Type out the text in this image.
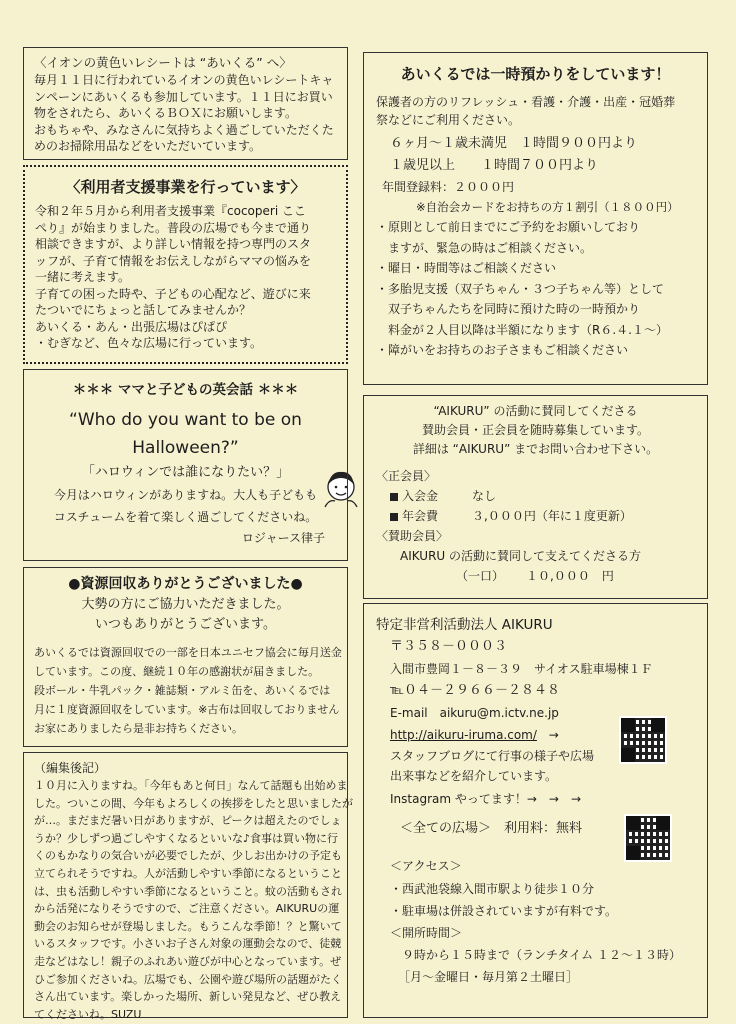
〈イオンの黄色いレシートは “あいくる” へ〉

毎月１１日に行われているイオンの黄色いレシートキャ

ンペーンにあいくるも参加しています。１１日にお買い

物をされたら、あいくるＢＯＸにお願いします。

おもちゃや、みなさんに気持ちよく過ごしていただくた

めのお掃除用品などをいただいています。

〈利用者支援事業を行っています〉

令和２年５月から利用者支援事業『cocoperi ここ

ぺり』が始まりました。普段の広場でも今まで通り

相談できますが、より詳しい情報を持つ専門のスタ

ッフが、子育て情報をお伝えしながらママの悩みを

一緒に考えます。

子育ての困った時や、子どもの心配など、遊びに来

たついでにちょっと話してみませんか？

あいくる・あん・出張広場はぴぱぴ

・むぎなど、色々な広場に行っています。

＊＊＊ ママと子どもの英会話 ＊＊＊

“Who do you want to be on

Halloween?”

「ハロウィンでは誰になりたい？」

今月はハロウィンがありますね。大人も子どもも

コスチュームを着て楽しく過ごしてくださいね。

ロジャース律子

●資源回収ありがとうございました●

大勢の方にご協力いただきました。

いつもありがとうございます。

あいくるでは資源回収での一部を日本ユニセフ協会に毎月送金

しています。この度、継続１０年の感謝状が届きました。

段ボール・牛乳パック・雑誌類・アルミ缶を、あいくるでは

月に１度資源回収をしています。※古布は回収しておりません

お家にありましたら是非お持ちください。

（編集後記）

１０月に入りますね。「今年もあと何日」なんて話題も出始めま

した。ついこの間、今年もよろしくの挨拶をしたと思いましたが

が…。まだまだ暑い日がありますが、ピークは超えたのでしょ

うか？少しずつ過ごしやすくなるといいな♪食事は買い物に行

くのもかなりの気合いが必要でしたが、少しお出かけの予定も

立てられそうですね。人が活動しやすい季節になるということ

は、虫も活動しやすい季節になるということ。蚊の活動もされ

から活発になりそうですので、ご注意ください。AIKURUの運

動会のお知らせが登場しました。もうこんな季節！？と驚いて

いるスタッフです。小さいお子さん対象の運動会なので、徒競

走などはなし！親子のふれあい遊びが中心となっています。ぜ

ひご参加くださいね。広場でも、公園や遊び場所の話題がたく

さん出ています。楽しかった場所、新しい発見など、ぜひ教え

てくださいね。SUZU

あいくるでは一時預かりをしています！

保護者の方のリフレッシュ・看護・介護・出産・冠婚葬

祭などにご利用ください。

６ヶ月～１歳未満児　１時間９００円より

１歳児以上　　１時間７００円より

年間登録料：２０００円

※自治会カードをお持ちの方１割引（１８００円）

・原則として前日までにご予約をお願いしており

　ますが、緊急の時はご相談ください。

・曜日・時間等はご相談ください

・多胎児支援（双子ちゃん・３つ子ちゃん等）として

　双子ちゃんたちを同時に預けた時の一時預かり

　料金が２人目以降は半額になります（R６.４.１～）

・障がいをお持ちのお子さまもご相談ください

“AIKURU” の活動に賛同してくださる

賛助会員・正会員を随時募集しています。

詳細は “AIKURU” までお問い合わせ下さい。

〈正会員〉

入会金	なし

年会費	３,０００円（年に１度更新）

〈賛助会員〉

AIKURU の活動に賛同して支えてくださる方

（一口） １０,０００　円

特定非営利活動法人 AIKURU

〒３５８－０００３

入間市豊岡１－８－３９　サイオス駐車場棟１Ｆ

℡０４－２９６６－２８４８

E-mail　aikuru@m.ictv.ne.jp

http://aikuru-iruma.com/ →

スタッフブログにて行事の様子や広場

出来事などを紹介しています。

Instagram やってます！→　→　→

＜全ての広場＞　利用料：無料

＜アクセス＞

・西武池袋線入間市駅より徒歩１０分

・駐車場は併設されていますが有料です。

＜開所時間＞

９時から１５時まで（ランチタイム １２～１３時）

［月～金曜日・毎月第２土曜日］
